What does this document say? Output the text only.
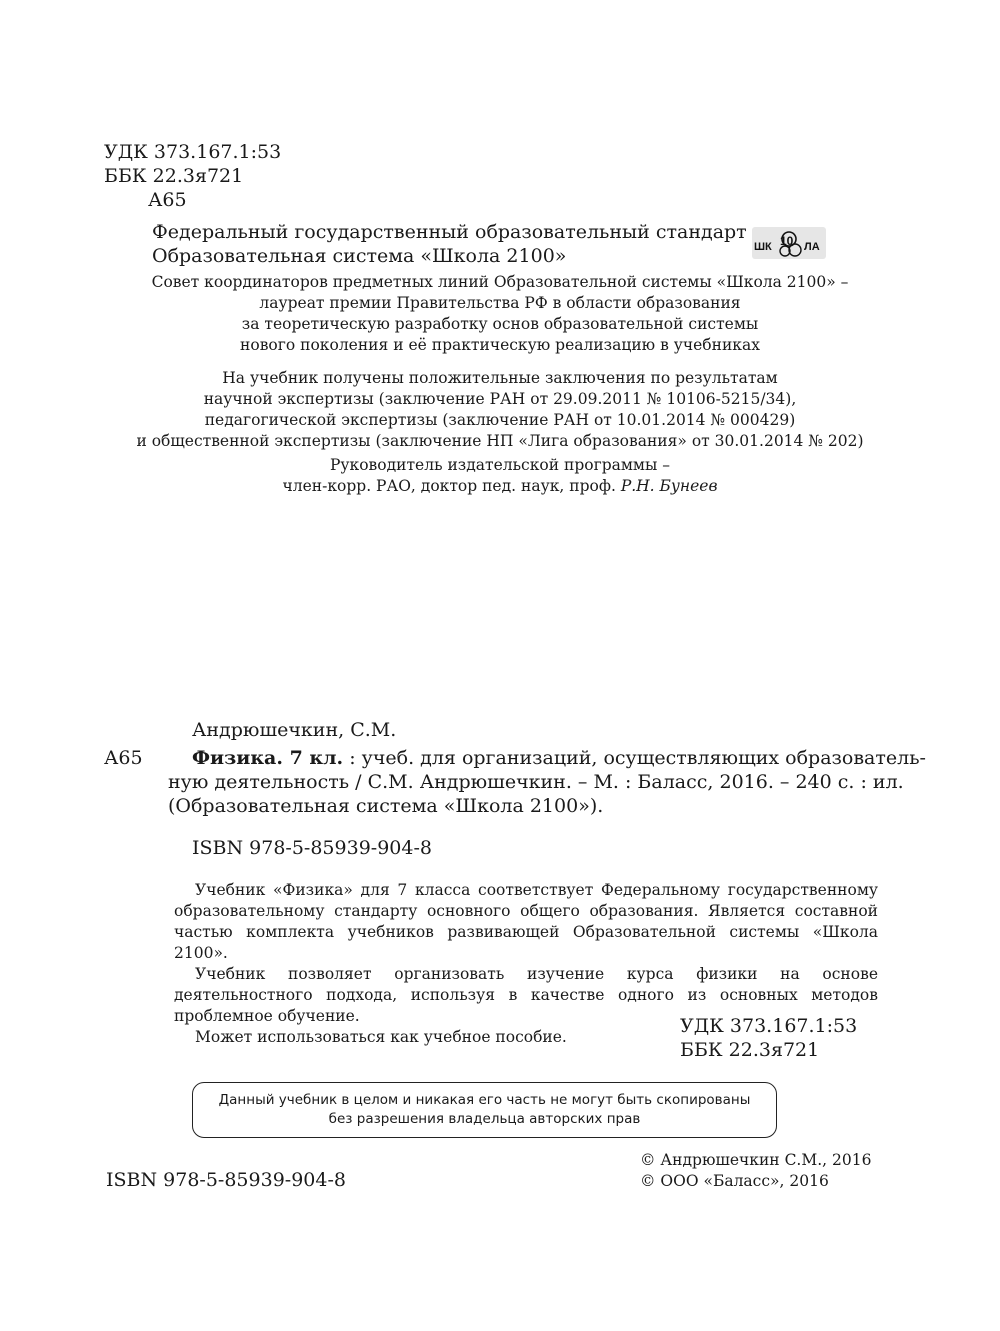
УДК 373.167.1:53
ББК 22.3я721
А65
Федеральный государственный образовательный стандарт
Образовательная система «Школа 2100»	ШК 10 ЛА
Совет координаторов предметных линий Образовательной системы «Школа 2100» –
лауреат премии Правительства РФ в области образования
за теоретическую разработку основ образовательной системы
нового поколения и её практическую реализацию в учебниках
На учебник получены положительные заключения по результатам
научной экспертизы (заключение РАН от 29.09.2011 № 10106-5215/34),
педагогической экспертизы (заключение РАН от 10.01.2014 № 000429)
и общественной экспертизы (заключение НП «Лига образования» от 30.01.2014 № 202)
Руководитель издательской программы –
член-корр. РАО, доктор пед. наук, проф. Р.Н. Бунеев
Андрюшечкин, С.М.
А65	Физика. 7 кл. : учеб. для организаций, осуществляющих образователь-
ную деятельность / С.М. Андрюшечкин. – М. : Баласс, 2016. – 240 с. : ил.
(Образовательная система «Школа 2100»).
ISBN 978-5-85939-904-8
Учебник «Физика» для 7 класса соответствует Федеральному государственному образовательному стандарту основного общего образования. Является составной частью комплекта учебников развивающей Образовательной системы «Школа 2100».
Учебник позволяет организовать изучение курса физики на основе деятельностного подхода, используя в качестве одного из основных методов проблемное обучение.
Может использоваться как учебное пособие.	УДК 373.167.1:53
ББК 22.3я721
Данный учебник в целом и никакая его часть не могут быть скопированы
без разрешения владельца авторских прав
ISBN 978-5-85939-904-8
© Андрюшечкин С.М., 2016
© ООО «Баласс», 2016
